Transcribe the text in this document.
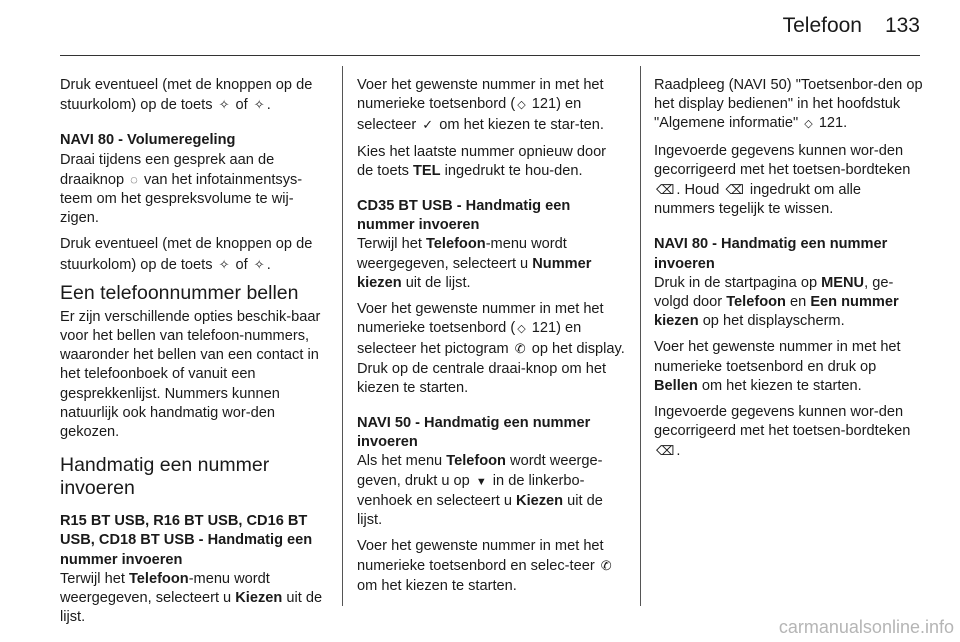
Telefoon 133

Druk eventueel (met de knoppen op de stuurkolom) op de toets ✧ of ✧ .

NAVI 80 - Volumeregeling

Draai tijdens een gesprek aan de draaiknop ◌ van het infotainmentsys-teem om het gespreksvolume te wij-zigen.

Druk eventueel (met de knoppen op de stuurkolom) op de toets ✧ of ✧ .

Een telefoonnummer bellen

Er zijn verschillende opties beschik-baar voor het bellen van telefoon-nummers, waaronder het bellen van een contact in het telefoonboek of vanuit een gesprekkenlijst. Nummers kunnen natuurlijk ook handmatig wor-den gekozen.

Handmatig een nummer invoeren
R15 BT USB, R16 BT USB, CD16 BT USB, CD18 BT USB - Handmatig een nummer invoeren

Terwijl het Telefoon-menu wordt weergegeven, selecteert u Kiezen uit de lijst.

Voer het gewenste nummer in met het numerieke toetsenbord ( ◇ 121) en selecteer ✓ om het kiezen te star-ten.

Kies het laatste nummer opnieuw door de toets TEL ingedrukt te hou-den.

CD35 BT USB - Handmatig een nummer invoeren

Terwijl het Telefoon-menu wordt weergegeven, selecteert u Nummer kiezen uit de lijst.

Voer het gewenste nummer in met het numerieke toetsenbord ( ◇ 121) en selecteer het pictogram ✆ op het display. Druk op de centrale draai-knop om het kiezen te starten.

NAVI 50 - Handmatig een nummer invoeren

Als het menu Telefoon wordt weerge-geven, drukt u op ▼ in de linkerbo-venhoek en selecteert u Kiezen uit de lijst.

Voer het gewenste nummer in met het numerieke toetsenbord en selec-teer ✆ om het kiezen te starten.

Raadpleeg (NAVI 50) "Toetsenbor-den op het display bedienen" in het hoofdstuk "Algemene informatie" ◇ 121.

Ingevoerde gegevens kunnen wor-den gecorrigeerd met het toetsen-bordteken ⌫ . Houd ⌫ ingedrukt om alle nummers tegelijk te wissen.

NAVI 80 - Handmatig een nummer invoeren

Druk in de startpagina op MENU, ge-volgd door Telefoon en Een nummer kiezen op het displayscherm.

Voer het gewenste nummer in met het numerieke toetsenbord en druk op Bellen om het kiezen te starten.

Ingevoerde gegevens kunnen wor-den gecorrigeerd met het toetsen-bordteken ⌫ .

carmanualsonline.info
